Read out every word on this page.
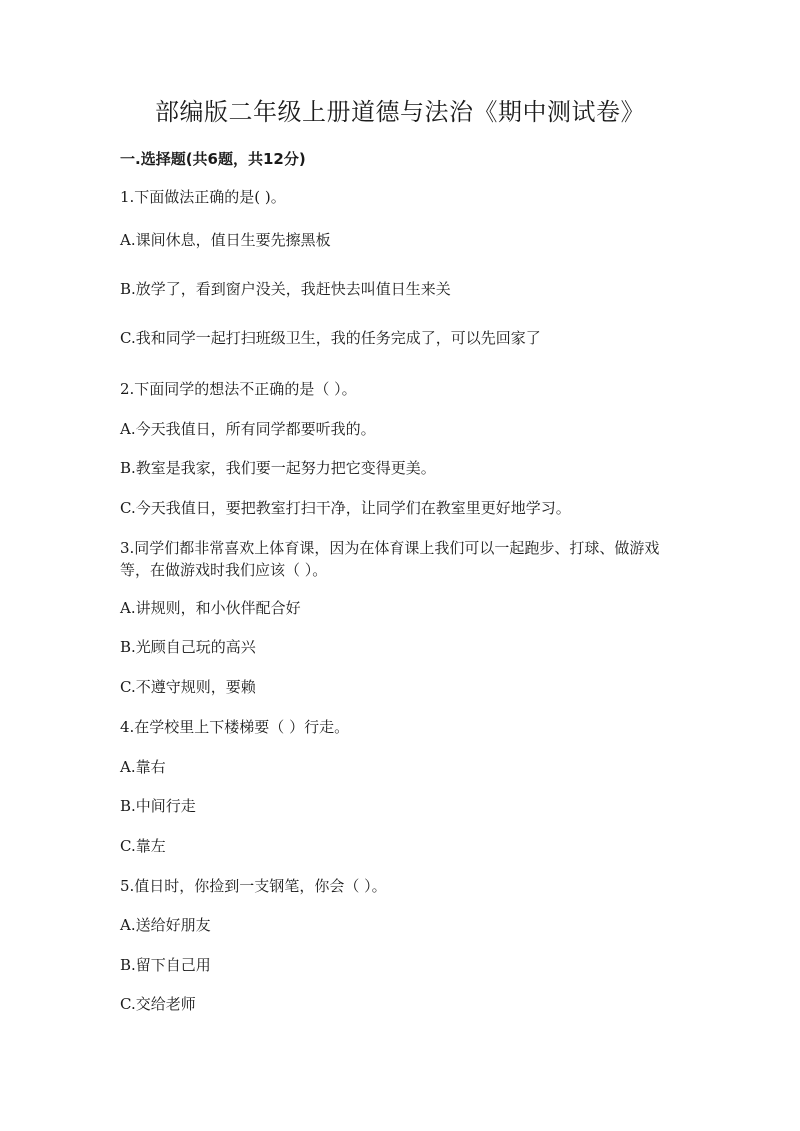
部编版二年级上册道德与法治《期中测试卷》
一.选择题(共6题，共12分)
1.下面做法正确的是( )。
A.课间休息，值日生要先擦黑板
B.放学了，看到窗户没关，我赶快去叫值日生来关
C.我和同学一起打扫班级卫生，我的任务完成了，可以先回家了
2.下面同学的想法不正确的是（ ）。
A.今天我值日，所有同学都要听我的。
B.教室是我家，我们要一起努力把它变得更美。
C.今天我值日，要把教室打扫干净，让同学们在教室里更好地学习。
3.同学们都非常喜欢上体育课，因为在体育课上我们可以一起跑步、打球、做游戏等，在做游戏时我们应该（ ）。
A.讲规则，和小伙伴配合好
B.光顾自己玩的高兴
C.不遵守规则，要赖
4.在学校里上下楼梯要（ ）行走。
A.靠右
B.中间行走
C.靠左
5.值日时，你捡到一支钢笔，你会（ ）。
A.送给好朋友
B.留下自己用
C.交给老师
